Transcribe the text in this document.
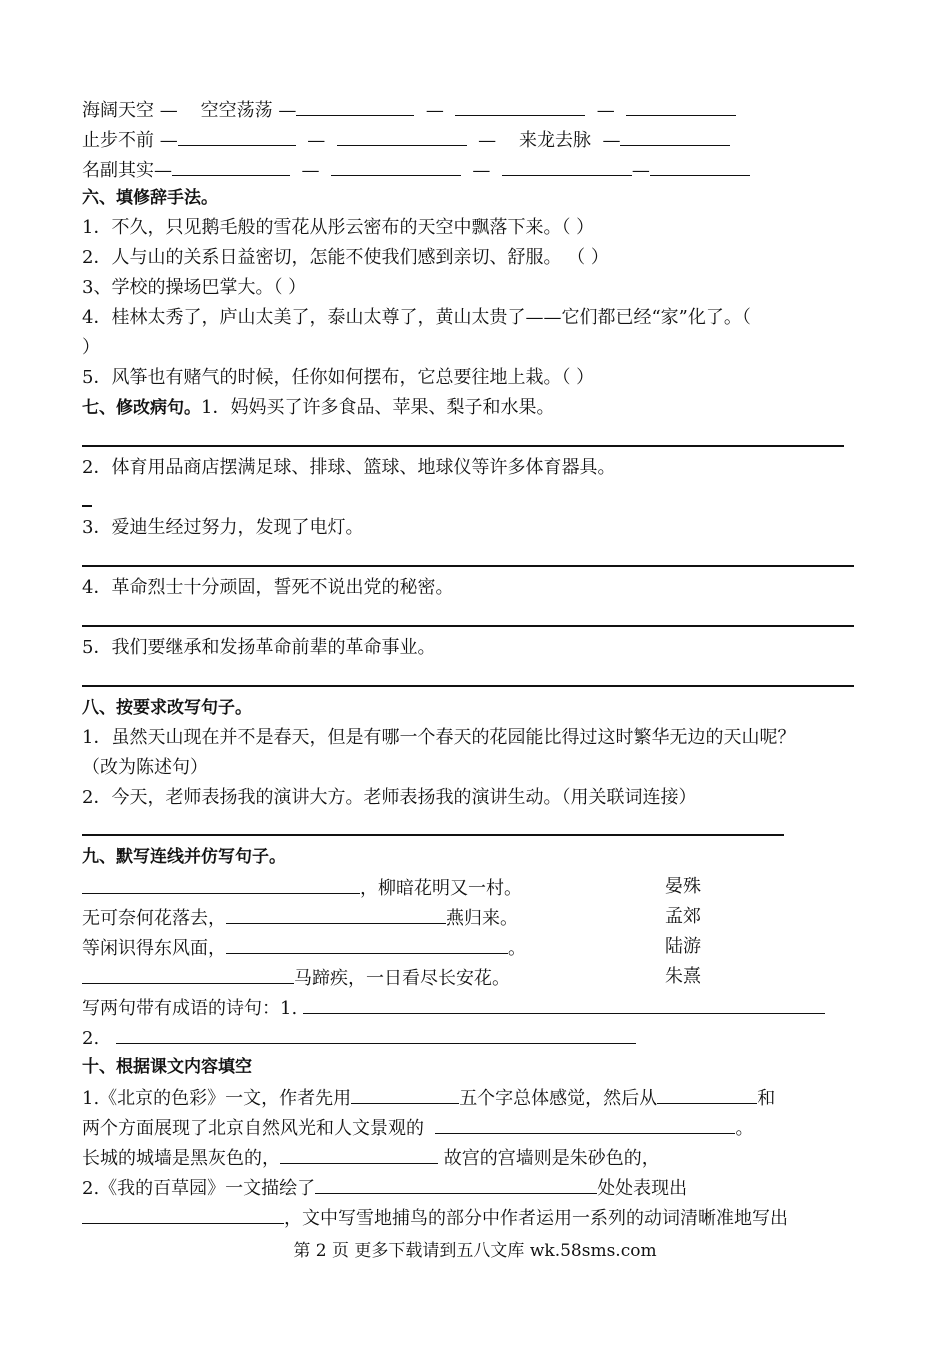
海阔天空 — 空空荡荡 —	—	—
止步不前 —	—	— 来龙去脉 —
名副其实—	—	—	—
六、填修辞手法。
1．不久，只见鹅毛般的雪花从彤云密布的天空中飘落下来。（ ）
2．人与山的关系日益密切，怎能不使我们感到亲切、舒服。 （ ）
3、学校的操场巴掌大。（ ）
4．桂林太秀了，庐山太美了，泰山太尊了，黄山太贵了——它们都已经“家”化了。（
）
5．风筝也有赌气的时候，任你如何摆布，它总要往地上栽。（ ）
七、修改病句。1．妈妈买了许多食品、苹果、梨子和水果。
2．体育用品商店摆满足球、排球、篮球、地球仪等许多体育器具。
3．爱迪生经过努力，发现了电灯。
4．革命烈士十分顽固，誓死不说出党的秘密。
5．我们要继承和发扬革命前辈的革命事业。
八、按要求改写句子。
1．虽然天山现在并不是春天，但是有哪一个春天的花园能比得过这时繁华无边的天山呢？
（改为陈述句）
2．今天，老师表扬我的演讲大方。老师表扬我的演讲生动。（用关联词连接）
九、默写连线并仿写句子。
，柳暗花明又一村。	晏殊
无可奈何花落去，	燕归来。	孟郊
等闲识得东风面，	。	陆游
马蹄疾，一日看尽长安花。	朱熹
写两句带有成语的诗句：1.
2.
十、根据课文内容填空
1.《北京的色彩》一文，作者先用	五个字总体感觉，然后从	和
两个方面展现了北京自然风光和人文景观的	。
长城的城墙是黑灰色的，	故宫的宫墙则是朱砂色的，
2.《我的百草园》一文描绘了	处处表现出
，文中写雪地捕鸟的部分中作者运用一系列的动词清晰准地写出
第 2 页 更多下载请到五八文库 wk.58sms.com
